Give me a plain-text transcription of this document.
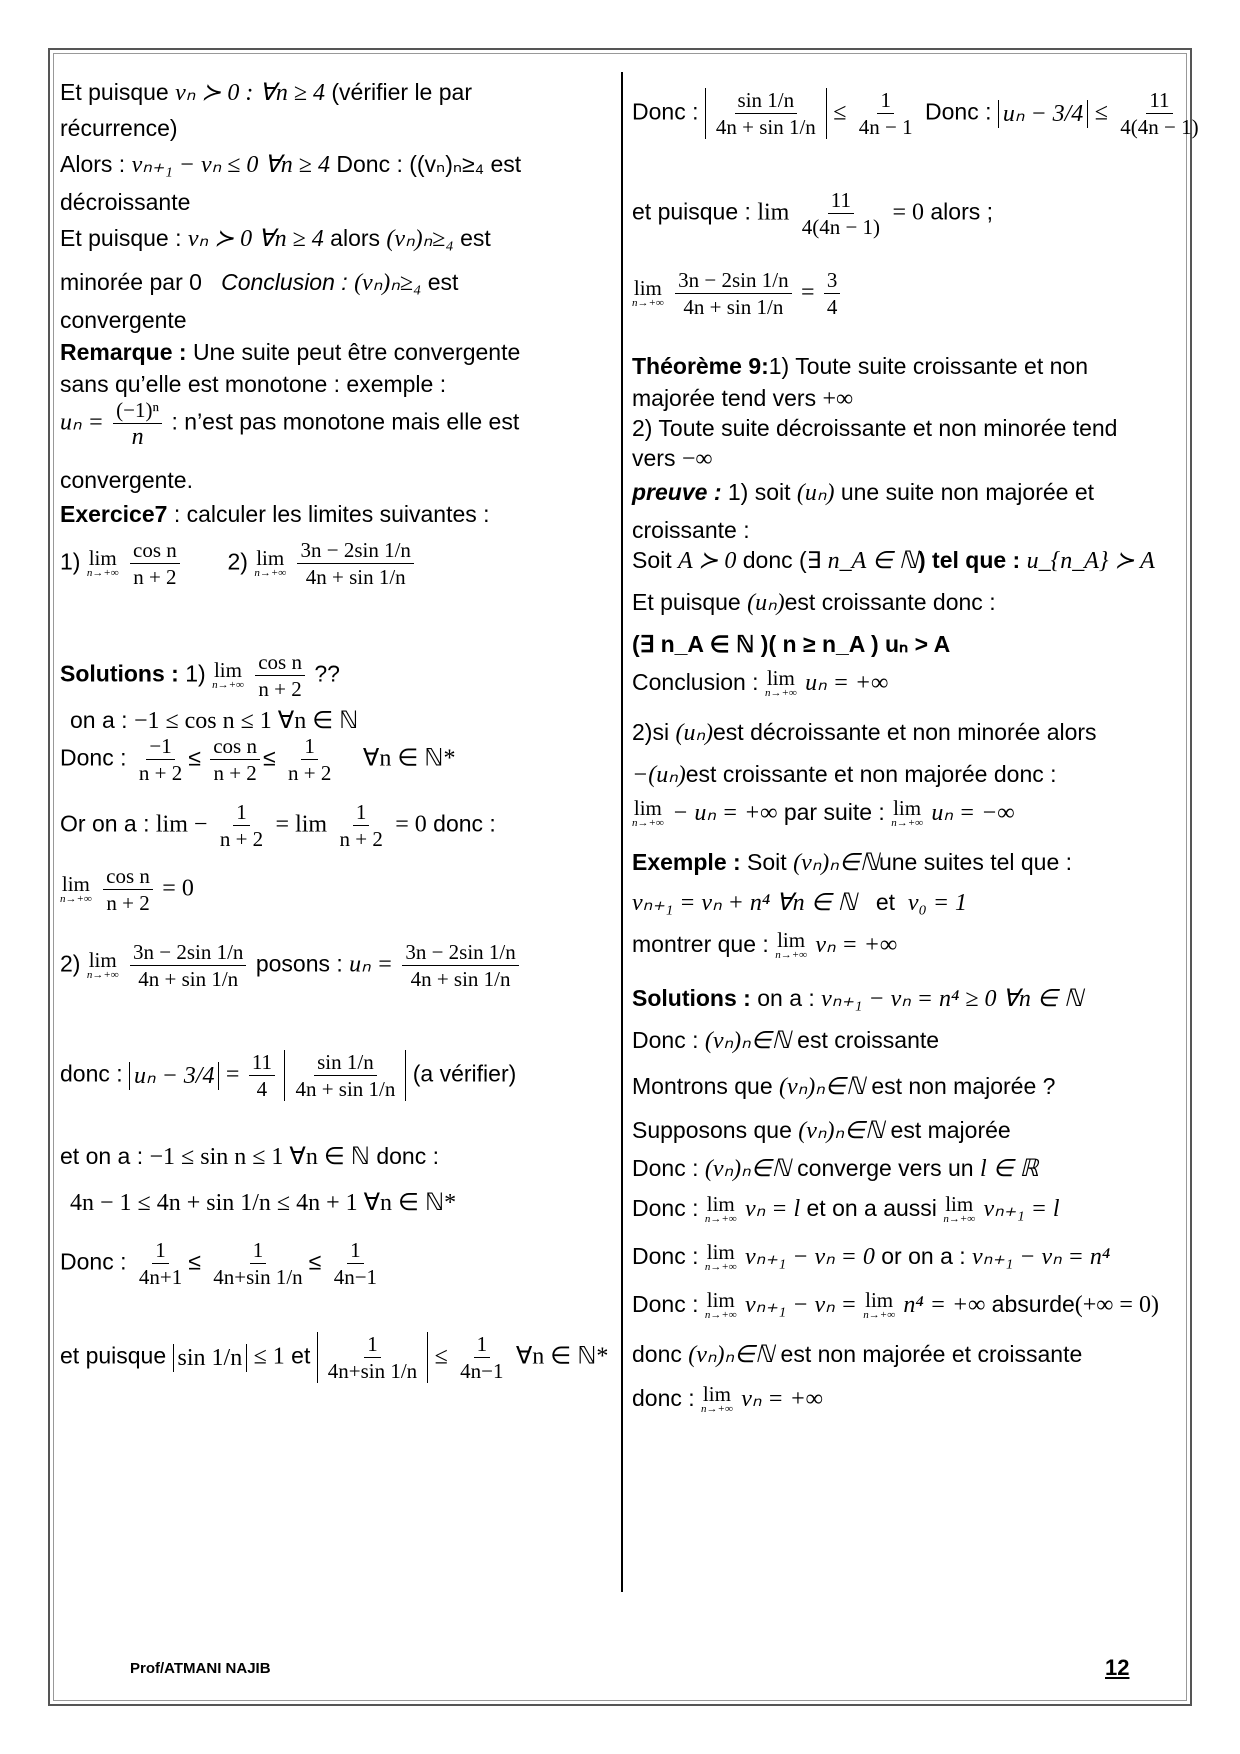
Et puisque vₙ ≻ 0 : ∀n ≥ 4 (vérifier le par
récurrence)
Alors : vₙ₊₁ − vₙ ≤ 0 ∀n ≥ 4 Donc : ((vₙ)ₙ≥₄ est
décroissante
Et puisque : vₙ ≻ 0 ∀n ≥ 4 alors (vₙ)ₙ≥₄ est
minorée par 0 Conclusion : (vₙ)ₙ≥₄ est
convergente
Remarque : Une suite peut être convergente
sans qu’elle est monotone : exemple :
$u_n = \frac{\text{(−1)ⁿ}}{n}$ : n’est pas monotone mais elle est
convergente.
Exercice7 : calculer les limites suivantes :
1) lim
n→+∞
$\frac{\text{cos n}}{n + 2} 2$) lim
n→+∞
$\frac{3n - 2\sin 1/n}{4n + \sin 1/n}$
Solutions : 1) lim
n→+∞
$\frac{\text{cos n}}{n + 2}$ ??
on a : −1 ≤ cos n ≤ 1 ∀n ∈ ℕ
Donc : $\frac{-1}{n + 2} \le \frac{\text{cos n}}{n + 2} \le \frac{1}{n + 2}$ ∀n ∈ ℕ*
Or on a : $\lim - \frac{1}{n + 2} = \lim \frac{1}{n + 2} = 0$ donc :
lim
n→+∞
$\frac{\text{cos n}}{n + 2} = 0$
2) lim
n→+∞
$\frac{3n - 2\sin 1/n}{4n + \sin 1/n}$ posons : $u_n = \frac{3n - 2\sin 1/n}{4n + \sin 1/n}$
donc : $u_n - 3/4 = \frac{11}{4}$
$\frac{\sin 1/n}{4n + \sin 1/n} (a$ vérifier)
et on a : −1 ≤ sin n ≤ 1 ∀n ∈ ℕ donc :
4n − 1 ≤ 4n + sin 1/n ≤ 4n + 1 ∀n ∈ ℕ*
Donc : $\frac{1}{4n+1} \le \frac{1}{4n+\sin 1/n} \le \frac{1}{4n-1}$
et puisque sin 1/n ≤ 1 et $\frac{1}{4n+\sin 1/n} \le \frac{1}{4n-1}$ ∀n ∈ ℕ*
Donc : $\frac{\sin 1/n}{4n + \sin 1/n} \le \frac{1}{4n - 1}$ Donc : $u_n - 3/4 \le \frac{11}{4(4n - 1)}$
et puisque : $\lim \frac{11}{4(4n - 1)} = 0$ alors ;
lim
n→+∞
$\frac{3n - 2\sin 1/n}{4n + \sin 1/n} = \frac{3}{4}$
Théorème 9:1) Toute suite croissante et non
majorée tend vers +∞
2) Toute suite décroissante et non minorée tend
vers −∞
preuve : 1) soit (uₙ) une suite non majorée et
croissante :
Soit A ≻ 0 donc (∃ n_A ∈ ℕ) tel que : u_{n_A} ≻ A
Et puisque (uₙ)est croissante donc :
(∃ n_A ∈ ℕ )( n ≥ n_A ) uₙ > A
Conclusion : lim
n→+∞ uₙ = +∞
2)si (uₙ)est décroissante et non minorée alors
−(uₙ)est croissante et non majorée donc :
lim
n→+∞ − uₙ = +∞ par suite : lim
n→+∞ uₙ = −∞
Exemple : Soit (vₙ)ₙ∈ℕune suites tel que :
vₙ₊₁ = vₙ + n⁴ ∀n ∈ ℕ et v₀ = 1
montrer que : lim
n→+∞ vₙ = +∞
Solutions : on a : vₙ₊₁ − vₙ = n⁴ ≥ 0 ∀n ∈ ℕ
Donc : (vₙ)ₙ∈ℕ est croissante
Montrons que (vₙ)ₙ∈ℕ est non majorée ?
Supposons que (vₙ)ₙ∈ℕ est majorée
Donc : (vₙ)ₙ∈ℕ converge vers un l ∈ ℝ
Donc : lim
n→+∞ vₙ = l et on a aussi lim
n→+∞ vₙ₊₁ = l
Donc : lim
n→+∞ vₙ₊₁ − vₙ = 0 or on a : vₙ₊₁ − vₙ = n⁴
Donc : lim
n→+∞ vₙ₊₁ − vₙ = lim
n→+∞ n⁴ = +∞ absurde(+∞ = 0)
donc (vₙ)ₙ∈ℕ est non majorée et croissante
donc : lim
n→+∞ vₙ = +∞
Prof/ATMANI NAJIB	12
